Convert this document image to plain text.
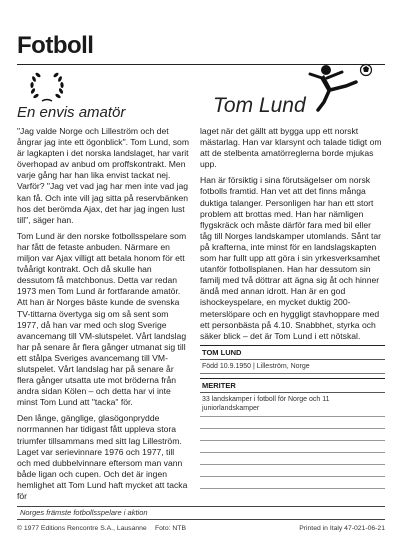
Fotboll
En envis amatör	Tom Lund

"Jag valde Norge och Lilleström och det ångrar jag inte ett ögonblick". Tom Lund, som är lagkapten i det norska landslaget, har varit överhopad av anbud om proffskontrakt. Men varje gång har han lika envist tackat nej. Varför? "Jag vet vad jag har men inte vad jag kan få. Och inte vill jag sitta på reservbänken hos det berömda Ajax, det har jag ingen lust till", säger han.

Tom Lund är den norske fotbollsspelare som har fått de fetaste anbuden. Närmare en miljon var Ajax villigt att betala honom för ett tvåårigt kontrakt. Och då skulle han dessutom få matchbonus. Detta var redan 1973 men Tom Lund är fortfarande amatör. Att han är Norges bäste kunde de svenska TV-tittarna övertyga sig om så sent som 1977, då han var med och slog Sverige avancemang till VM-slutspelet. Vårt landslag har på senare år flera gånger utmanat sig till ett stålpa Sveriges avancemang till VM-slutspelet. Vårt landslag har på senare år flera gånger utsatta ute mot bröderna från andra sidan Kölen – och detta har vi inte minst Tom Lund att "tacka" för.

Den långe, gänglige, glasögonprydde norrmannen har tidigast fått uppleva stora triumfer tillsammans med sitt lag Lilleström. Laget var serievinnare 1976 och 1977, till och med dubbelvinnare eftersom man vann både ligan och cupen. Och det är ingen hemlighet att Tom Lund haft mycket att tacka för

laget när det gällt att bygga upp ett norskt mästarlag. Han var klarsynt och talade tidigt om att de stelbenta amatörreglerna borde mjukas upp.

Han är försiktig i sina förutsägelser om norsk fotbolls framtid. Han vet att det finns många duktiga talanger. Personligen har han ett stort problem att brottas med. Han har nämligen flygskräck och måste därför fara med bil eller tåg till Norges landskamper utomlands. Sånt tar på krafterna, inte minst för en landslagskapten som har fullt upp att göra i sin yrkesverksamhet utanför fotbollsplanen. Han har dessutom sin familj med två döttrar att ägna sig åt och hinner ändå med annan idrott. Han är en god ishockeyspelare, en mycket duktig 200-meterslöpare och en hyggligt stavhoppare med ett personbästa på 4.10. Snabbhet, styrka och säker blick – det är Tom Lund i ett nötskal.

TOM LUND
Född 10.9.1950 | Lilleström, Norge
MERITER
33 landskamper i fotboll för Norge och 11 juniorlandskamper
Norges främste fotbollsspelare i aktion
© 1977 Editions Rencontre S.A., Lausanne Foto: NTB	Printed in Italy 47-021-06-21
